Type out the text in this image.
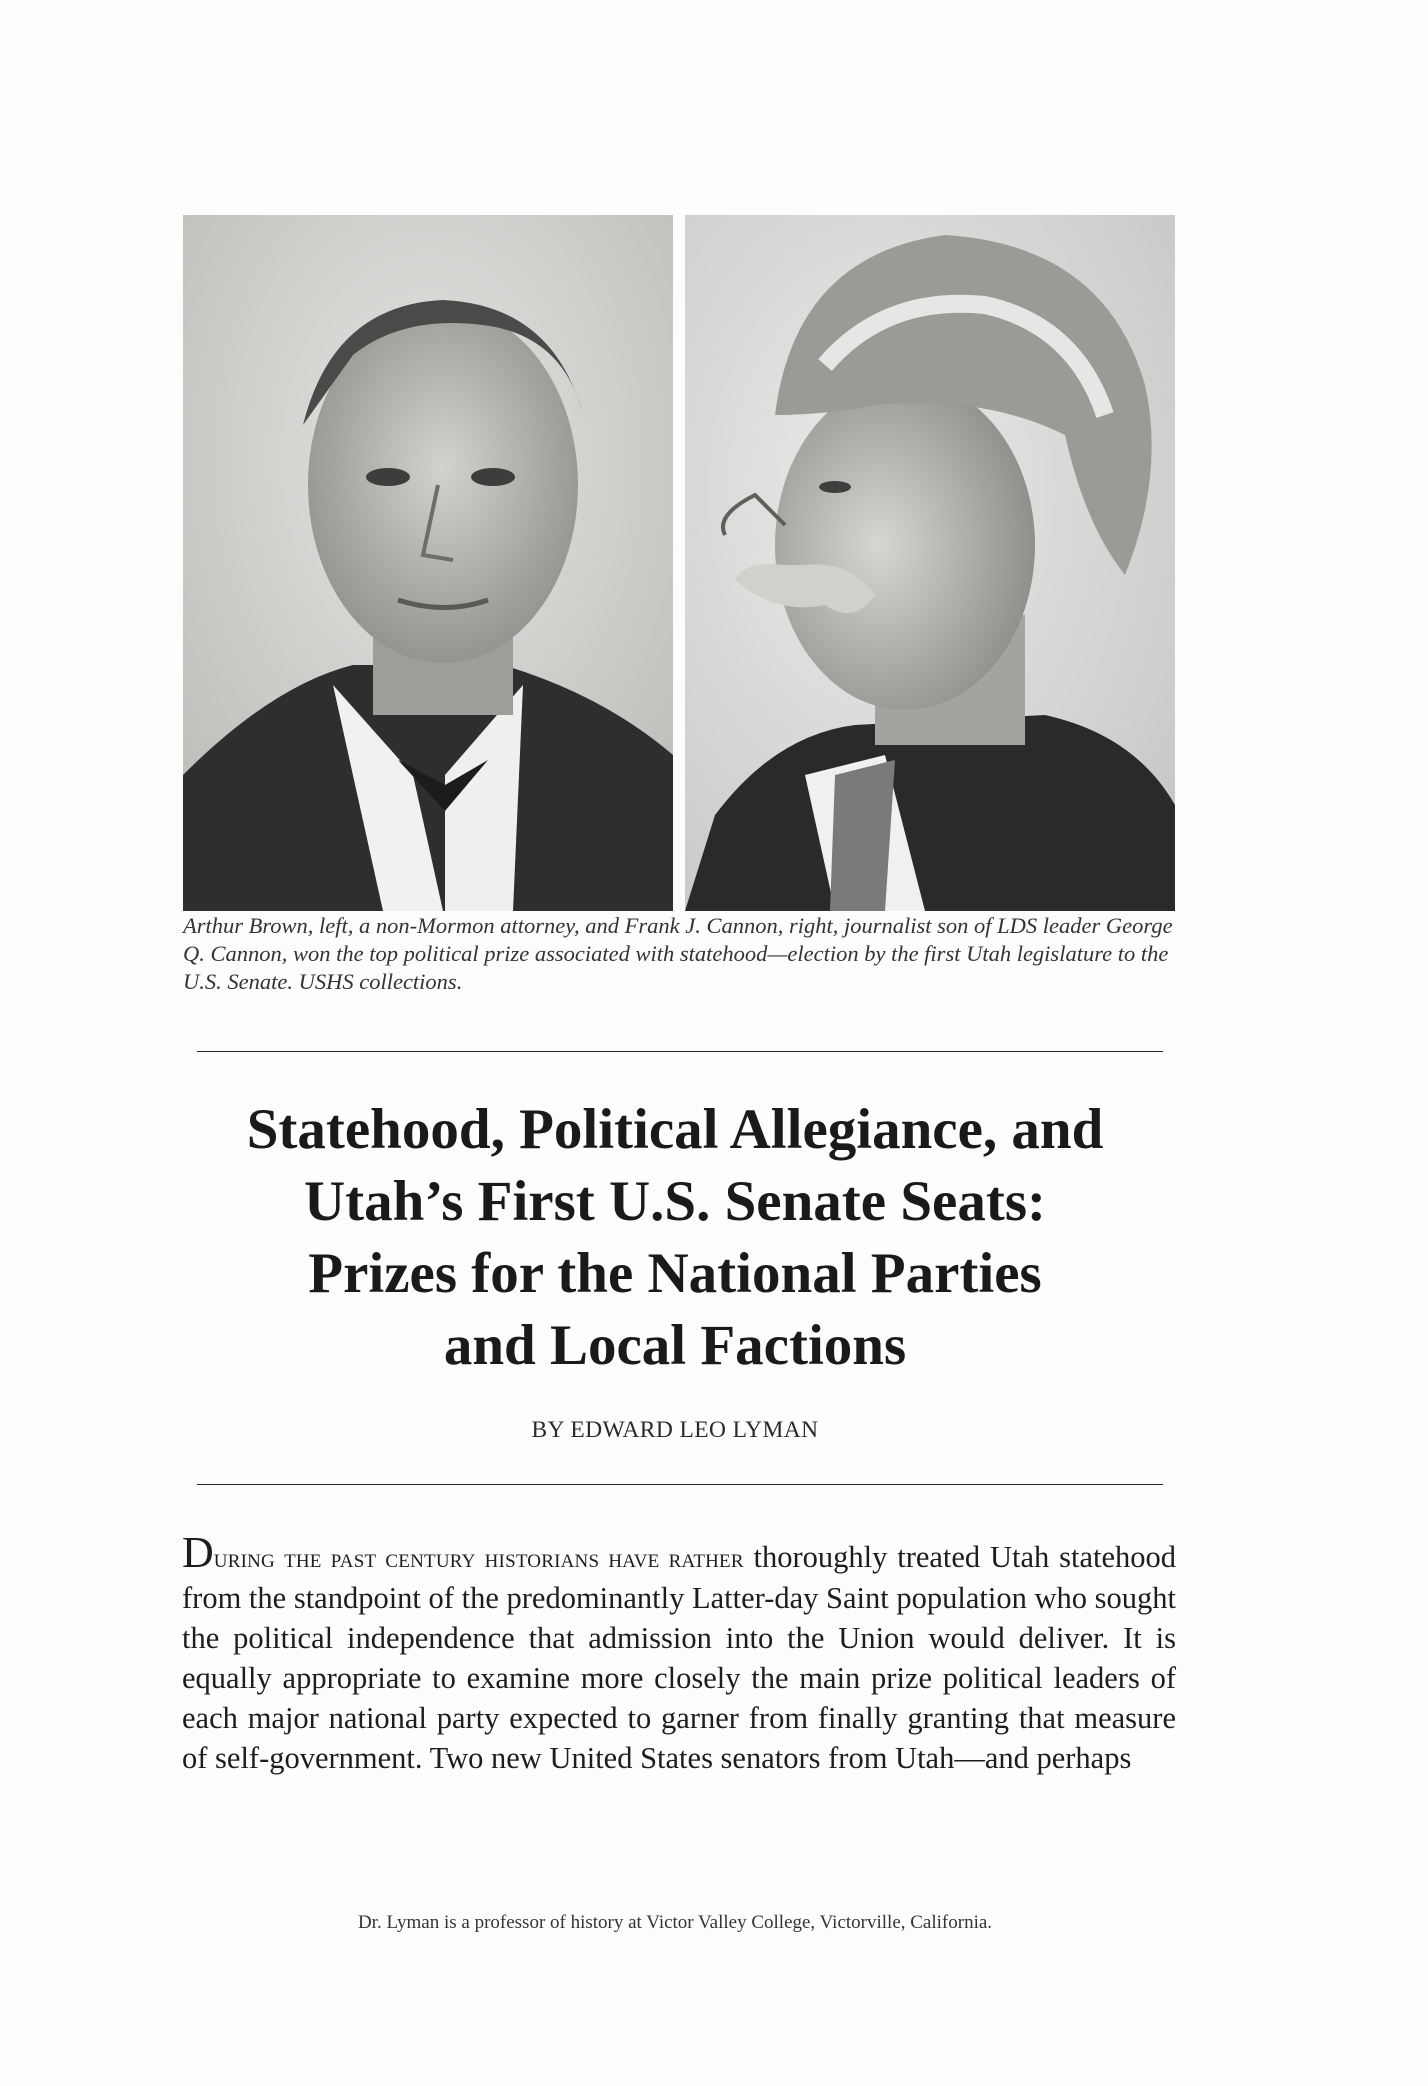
Arthur Brown, left, a non-Mormon attorney, and Frank J. Cannon, right, journalist son of LDS leader George Q. Cannon, won the top political prize associated with statehood—election by the first Utah legislature to the U.S. Senate. USHS collections.
Statehood, Political Allegiance, and
Utah’s First U.S. Senate Seats:
Prizes for the National Parties
and Local Factions
BY EDWARD LEO LYMAN
During the past century historians have rather thoroughly treated Utah statehood from the standpoint of the predominantly Latter-day Saint population who sought the political independence that admission into the Union would deliver. It is equally appropriate to examine more closely the main prize political leaders of each major national party expected to garner from finally granting that measure of self-government. Two new United States senators from Utah—and perhaps
Dr. Lyman is a professor of history at Victor Valley College, Victorville, California.
